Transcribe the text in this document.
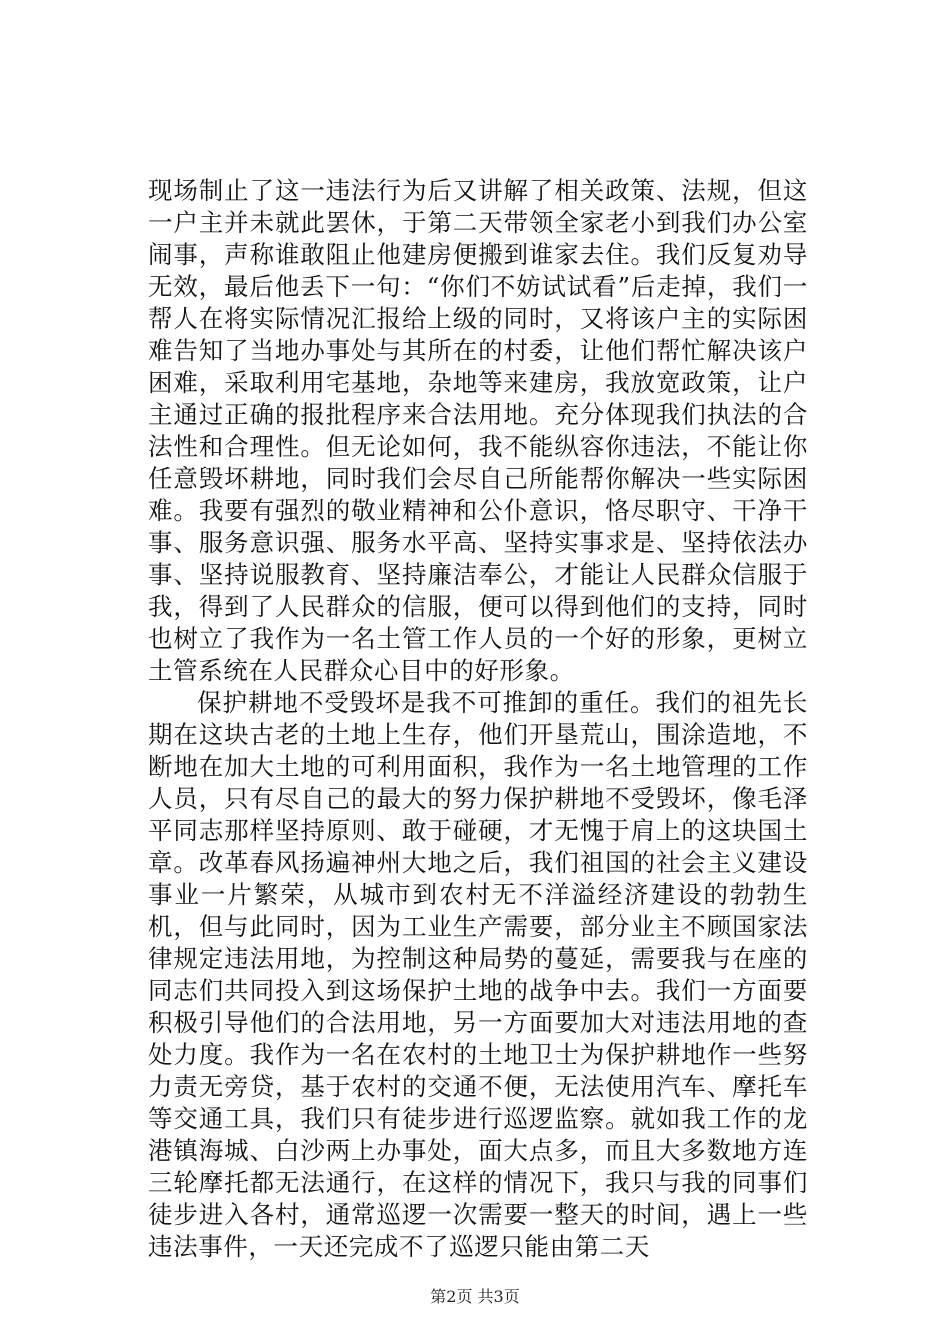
现场制止了这一违法行为后又讲解了相关政策、法规，但这一户主并未就此罢休，于第二天带领全家老小到我们办公室闹事，声称谁敢阻止他建房便搬到谁家去住。我们反复劝导无效，最后他丢下一句：“你们不妨试试看”后走掉，我们一帮人在将实际情况汇报给上级的同时，又将该户主的实际困难告知了当地办事处与其所在的村委，让他们帮忙解决该户困难，采取利用宅基地，杂地等来建房，我放宽政策，让户主通过正确的报批程序来合法用地。充分体现我们执法的合法性和合理性。但无论如何，我不能纵容你违法，不能让你任意毁坏耕地，同时我们会尽自己所能帮你解决一些实际困难。我要有强烈的敬业精神和公仆意识，恪尽职守、干净干事、服务意识强、服务水平高、坚持实事求是、坚持依法办事、坚持说服教育、坚持廉洁奉公，才能让人民群众信服于我，得到了人民群众的信服，便可以得到他们的支持，同时也树立了我作为一名土管工作人员的一个好的形象，更树立土管系统在人民群众心目中的好形象。

保护耕地不受毁坏是我不可推卸的重任。我们的祖先长期在这块古老的土地上生存，他们开垦荒山，围涂造地，不断地在加大土地的可利用面积，我作为一名土地管理的工作人员，只有尽自己的最大的努力保护耕地不受毁坏，像毛泽平同志那样坚持原则、敢于碰硬，才无愧于肩上的这块国土章。改革春风扬遍神州大地之后，我们祖国的社会主义建设事业一片繁荣，从城市到农村无不洋溢经济建设的勃勃生机，但与此同时，因为工业生产需要，部分业主不顾国家法律规定违法用地，为控制这种局势的蔓延，需要我与在座的同志们共同投入到这场保护土地的战争中去。我们一方面要积极引导他们的合法用地，另一方面要加大对违法用地的查处力度。我作为一名在农村的土地卫士为保护耕地作一些努力责无旁贷，基于农村的交通不便，无法使用汽车、摩托车等交通工具，我们只有徒步进行巡逻监察。就如我工作的龙港镇海城、白沙两上办事处，面大点多，而且大多数地方连三轮摩托都无法通行，在这样的情况下，我只与我的同事们徒步进入各村，通常巡逻一次需要一整天的时间，遇上一些违法事件，一天还完成不了巡逻只能由第二天

第2页 共3页
